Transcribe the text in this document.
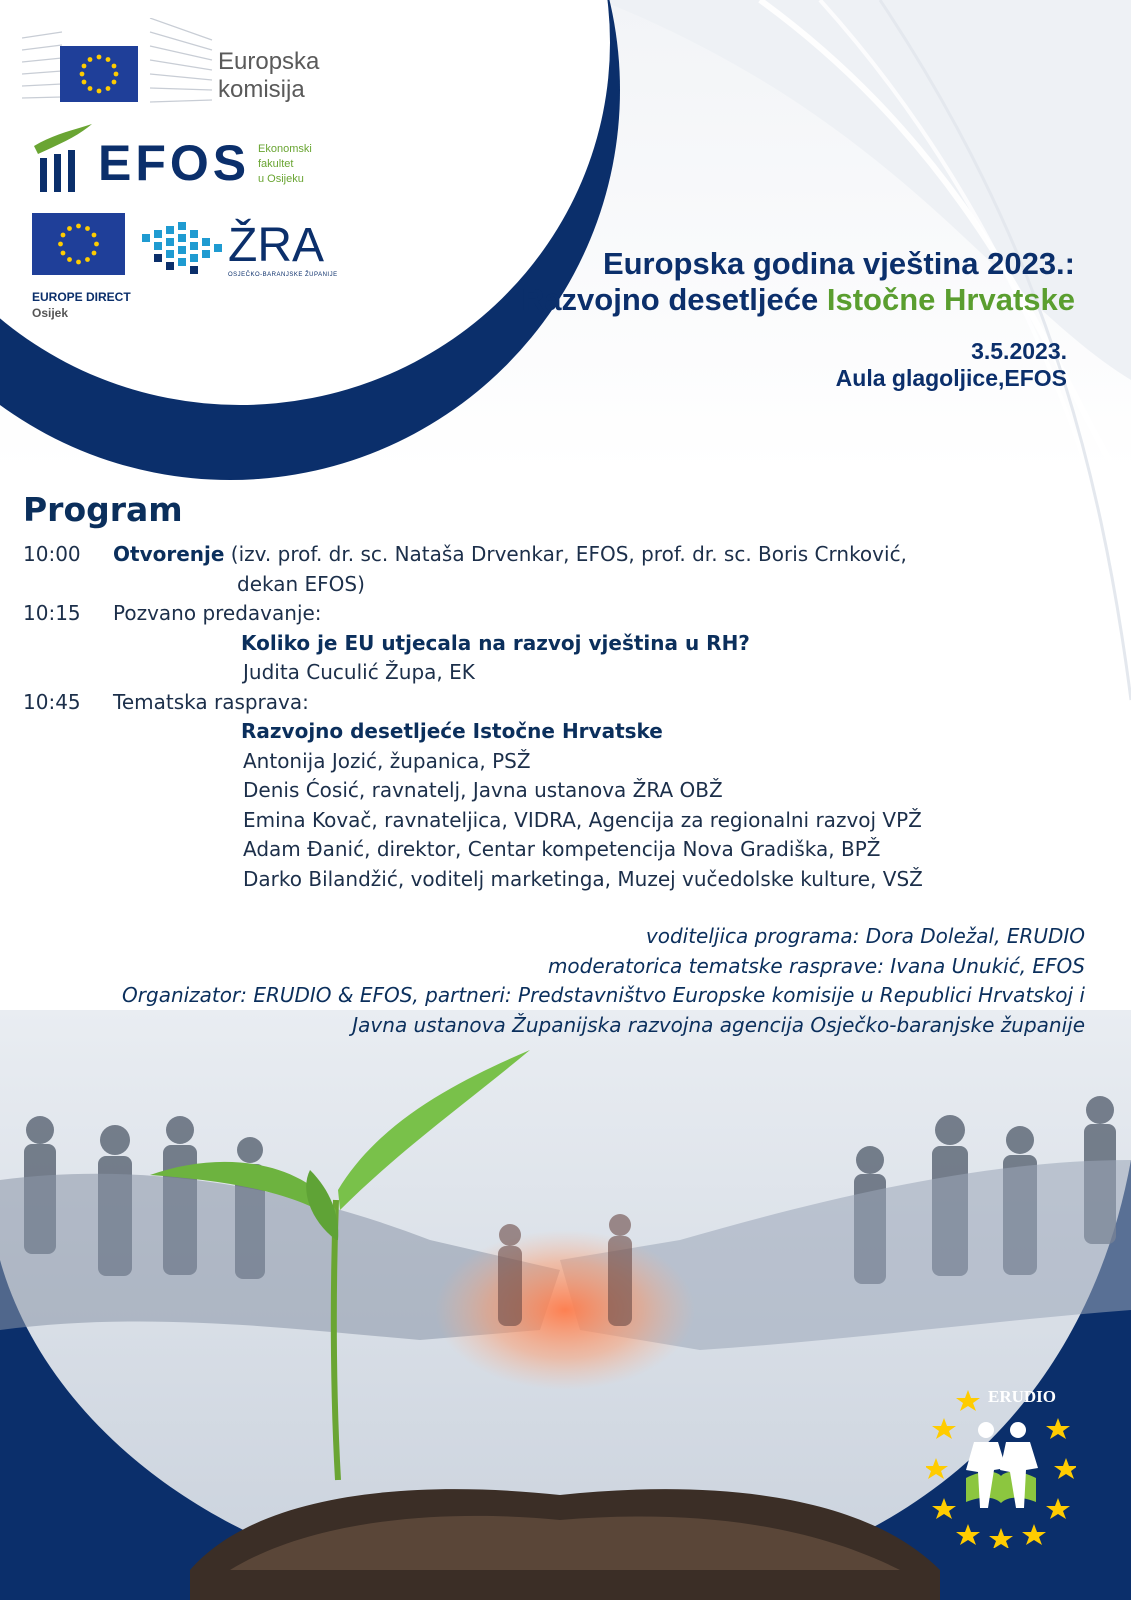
Europska
komisija
EFOS Ekonomski
fakultet
u Osijeku
EUROPE DIRECT
Osijek
ŽRA
OSJEČKO-BARANJSKE ŽUPANIJE	Europska godina vještina 2023.:
Razvojno desetljeće Istočne Hrvatske
3.5.2023.
Aula glagoljice,EFOS
Program
10:00 Otvorenje (izv. prof. dr. sc. Nataša Drvenkar, EFOS, prof. dr. sc. Boris Crnković,
dekan EFOS)
10:15 Pozvano predavanje:
Koliko je EU utjecala na razvoj vještina u RH?
Judita Cuculić Župa, EK
10:45 Tematska rasprava:
Razvojno desetljeće Istočne Hrvatske
Antonija Jozić, županica, PSŽ
Denis Ćosić, ravnatelj, Javna ustanova ŽRA OBŽ
Emina Kovač, ravnateljica, VIDRA, Agencija za regionalni razvoj VPŽ
Adam Đanić, direktor, Centar kompetencija Nova Gradiška, BPŽ
Darko Bilandžić, voditelj marketinga, Muzej vučedolske kulture, VSŽ
voditeljica programa: Dora Doležal, ERUDIO
moderatorica tematske rasprave: Ivana Unukić, EFOS
Organizator: ERUDIO & EFOS, partneri: Predstavništvo Europske komisije u Republici Hrvatskoj i
Javna ustanova Županijska razvojna agencija Osječko-baranjske županije
ERUDIO
